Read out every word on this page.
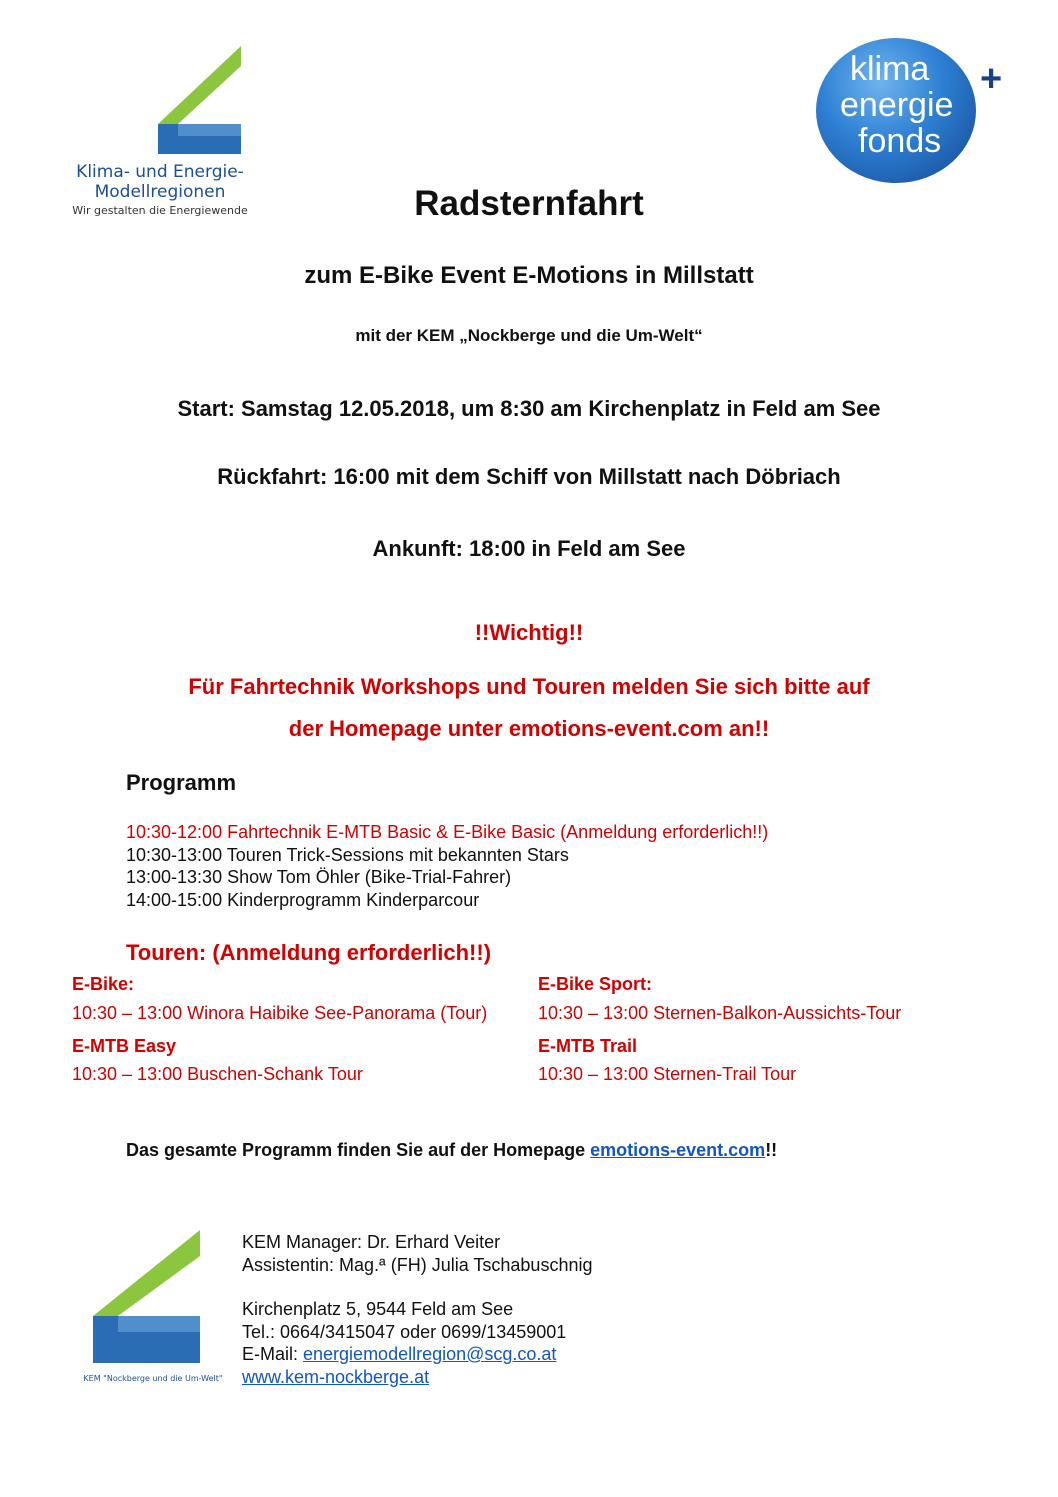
Klima- und Energie-
Modellregionen
Wir gestalten die Energiewende
klima
energie
fonds
+
Radsternfahrt
zum E-Bike Event E-Motions in Millstatt
mit der KEM „Nockberge und die Um-Welt“
Start: Samstag 12.05.2018, um 8:30 am Kirchenplatz in Feld am See
Rückfahrt: 16:00 mit dem Schiff von Millstatt nach Döbriach
Ankunft: 18:00 in Feld am See
!!Wichtig!!
Für Fahrtechnik Workshops und Touren melden Sie sich bitte auf
der Homepage unter emotions-event.com an!!
Programm
10:30-12:00 Fahrtechnik E-MTB Basic & E-Bike Basic (Anmeldung erforderlich!!)
10:30-13:00 Touren Trick-Sessions mit bekannten Stars
13:00-13:30 Show Tom Öhler (Bike-Trial-Fahrer)
14:00-15:00 Kinderprogramm Kinderparcour
Touren: (Anmeldung erforderlich!!)
E-Bike:
10:30 – 13:00 Winora Haibike See-Panorama (Tour)
E-MTB Easy
10:30 – 13:00 Buschen-Schank Tour
E-Bike Sport:
10:30 – 13:00 Sternen-Balkon-Aussichts-Tour
E-MTB Trail
10:30 – 13:00 Sternen-Trail Tour
Das gesamte Programm finden Sie auf der Homepage emotions-event.com!!
KEM "Nockberge und die Um-Welt"
KEM Manager: Dr. Erhard Veiter
Assistentin: Mag.ª (FH) Julia Tschabuschnig
Kirchenplatz 5, 9544 Feld am See
Tel.: 0664/3415047 oder 0699/13459001
E-Mail: energiemodellregion@scg.co.at
www.kem-nockberge.at
